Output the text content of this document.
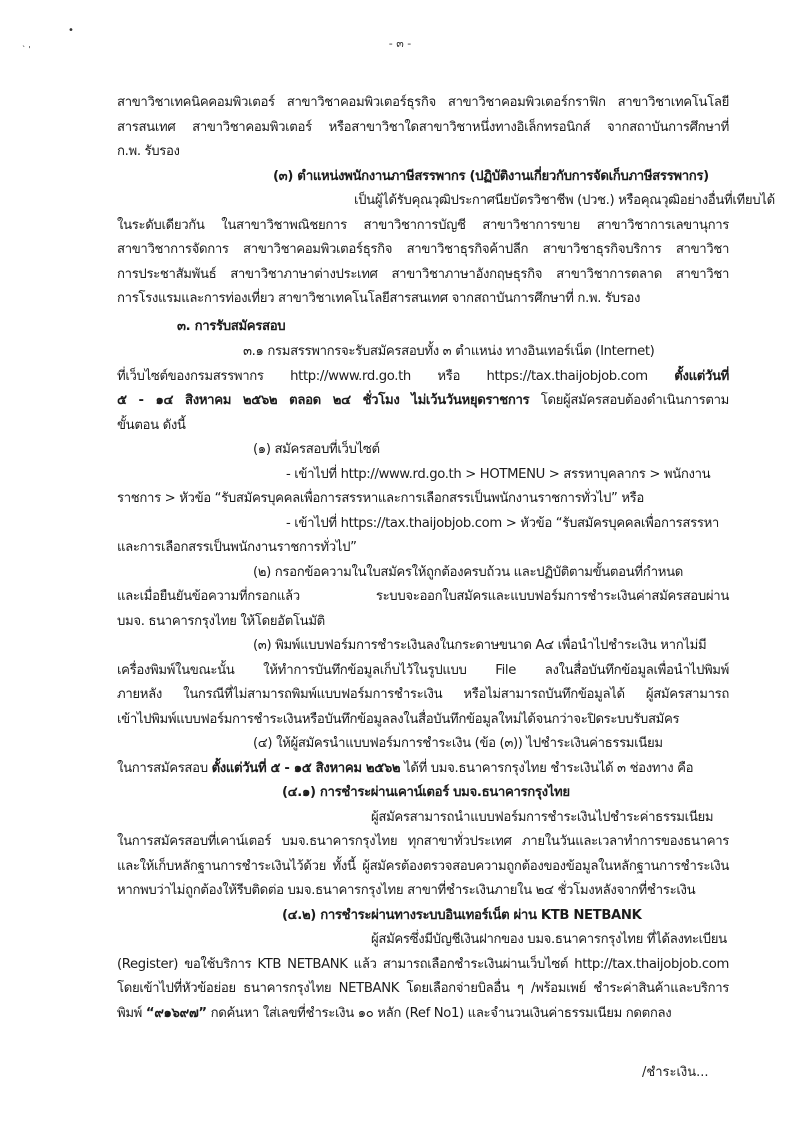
•
` '	- ๓ -
สาขาวิชาเทคนิคคอมพิวเตอร์ สาขาวิชาคอมพิวเตอร์ธุรกิจ สาขาวิชาคอมพิวเตอร์กราฟิก สาขาวิชาเทคโนโลยี
สารสนเทศ สาขาวิชาคอมพิวเตอร์ หรือสาขาวิชาใดสาขาวิชาหนึ่งทางอิเล็กทรอนิกส์ จากสถาบันการศึกษาที่
ก.พ. รับรอง
(๓) ตำแหน่งพนักงานภาษีสรรพากร (ปฏิบัติงานเกี่ยวกับการจัดเก็บภาษีสรรพากร)
เป็นผู้ได้รับคุณวุฒิประกาศนียบัตรวิชาชีพ (ปวช.) หรือคุณวุฒิอย่างอื่นที่เทียบได้
ในระดับเดียวกัน ในสาขาวิชาพณิชยการ สาขาวิชาการบัญชี สาขาวิชาการขาย สาขาวิชาการเลขานุการ
สาขาวิชาการจัดการ สาขาวิชาคอมพิวเตอร์ธุรกิจ สาขาวิชาธุรกิจค้าปลีก สาขาวิชาธุรกิจบริการ สาขาวิชา
การประชาสัมพันธ์ สาขาวิชาภาษาต่างประเทศ สาขาวิชาภาษาอังกฤษธุรกิจ สาขาวิชาการตลาด สาขาวิชา
การโรงแรมและการท่องเที่ยว สาขาวิชาเทคโนโลยีสารสนเทศ จากสถาบันการศึกษาที่ ก.พ. รับรอง
๓. การรับสมัครสอบ
๓.๑ กรมสรรพากรจะรับสมัครสอบทั้ง ๓ ตำแหน่ง ทางอินเทอร์เน็ต (Internet)
ที่เว็บไซต์ของกรมสรรพากร http://www.rd.go.th หรือ https://tax.thaijobjob.com ตั้งแต่วันที่
๕ - ๑๔ สิงหาคม ๒๕๖๒ ตลอด ๒๔ ชั่วโมง ไม่เว้นวันหยุดราชการ โดยผู้สมัครสอบต้องดำเนินการตาม
ขั้นตอน ดังนี้
(๑) สมัครสอบที่เว็บไซต์
- เข้าไปที่ http://www.rd.go.th > HOTMENU > สรรหาบุคลากร > พนักงาน
ราชการ > หัวข้อ “รับสมัครบุคคลเพื่อการสรรหาและการเลือกสรรเป็นพนักงานราชการทั่วไป” หรือ
- เข้าไปที่ https://tax.thaijobjob.com > หัวข้อ “รับสมัครบุคคลเพื่อการสรรหา
และการเลือกสรรเป็นพนักงานราชการทั่วไป”
(๒) กรอกข้อความในใบสมัครให้ถูกต้องครบถ้วน และปฏิบัติตามขั้นตอนที่กำหนด
และเมื่อยืนยันข้อความที่กรอกแล้ว ระบบจะออกใบสมัครและแบบฟอร์มการชำระเงินค่าสมัครสอบผ่าน
บมจ. ธนาคารกรุงไทย ให้โดยอัตโนมัติ
(๓) พิมพ์แบบฟอร์มการชำระเงินลงในกระดาษขนาด A๔ เพื่อนำไปชำระเงิน หากไม่มี
เครื่องพิมพ์ในขณะนั้น ให้ทำการบันทึกข้อมูลเก็บไว้ในรูปแบบ File ลงในสื่อบันทึกข้อมูลเพื่อนำไปพิมพ์
ภายหลัง ในกรณีที่ไม่สามารถพิมพ์แบบฟอร์มการชำระเงิน หรือไม่สามารถบันทึกข้อมูลได้ ผู้สมัครสามารถ
เข้าไปพิมพ์แบบฟอร์มการชำระเงินหรือบันทึกข้อมูลลงในสื่อบันทึกข้อมูลใหม่ได้จนกว่าจะปิดระบบรับสมัคร
(๔) ให้ผู้สมัครนำแบบฟอร์มการชำระเงิน (ข้อ (๓)) ไปชำระเงินค่าธรรมเนียม
ในการสมัครสอบ ตั้งแต่วันที่ ๕ - ๑๕ สิงหาคม ๒๕๖๒ ได้ที่ บมจ.ธนาคารกรุงไทย ชำระเงินได้ ๓ ช่องทาง คือ
(๔.๑) การชำระผ่านเคาน์เตอร์ บมจ.ธนาคารกรุงไทย
ผู้สมัครสามารถนำแบบฟอร์มการชำระเงินไปชำระค่าธรรมเนียม
ในการสมัครสอบที่เคาน์เตอร์ บมจ.ธนาคารกรุงไทย ทุกสาขาทั่วประเทศ ภายในวันและเวลาทำการของธนาคาร
และให้เก็บหลักฐานการชำระเงินไว้ด้วย ทั้งนี้ ผู้สมัครต้องตรวจสอบความถูกต้องของข้อมูลในหลักฐานการชำระเงิน
หากพบว่าไม่ถูกต้องให้รีบติดต่อ บมจ.ธนาคารกรุงไทย สาขาที่ชำระเงินภายใน ๒๔ ชั่วโมงหลังจากที่ชำระเงิน
(๔.๒) การชำระผ่านทางระบบอินเทอร์เน็ต ผ่าน KTB NETBANK
ผู้สมัครซึ่งมีบัญชีเงินฝากของ บมจ.ธนาคารกรุงไทย ที่ได้ลงทะเบียน
(Register) ขอใช้บริการ KTB NETBANK แล้ว สามารถเลือกชำระเงินผ่านเว็บไซต์ http://tax.thaijobjob.com
โดยเข้าไปที่หัวข้อย่อย ธนาคารกรุงไทย NETBANK โดยเลือกจ่ายบิลอื่น ๆ /พร้อมเพย์ ชำระค่าสินค้าและบริการ
พิมพ์ “๙๑๖๙๗” กดค้นหา ใส่เลขที่ชำระเงิน ๑๐ หลัก (Ref No1) และจำนวนเงินค่าธรรมเนียม กดตกลง
/ชำระเงิน...
